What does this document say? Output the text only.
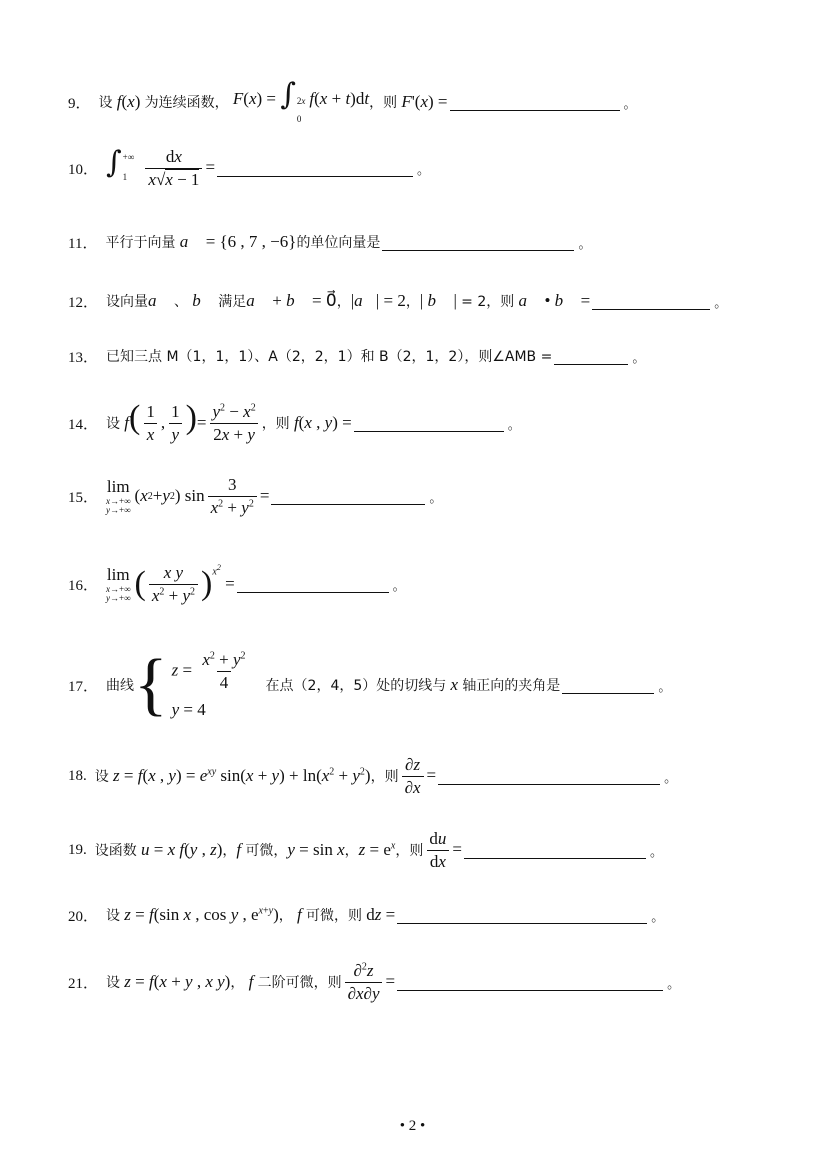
9． 设 f(x) 为连续函数， F(x) = ∫ 2x
0
f(x + t)dt ，则 F'(x) =	。
10． ∫ +∞
1
	$\frac{dx}{x√x - 1}$ =	。
11． 平行于向量 a⃗ = {6 , 7 , −6} 的单位向量是	。
12． 设向量 a⃗ 、 b⃗ 满足 a⃗ + b⃗ = 0⃗ ， |a⃗| = 2 ， | b⃗ | = 2，则 a⃗ • b⃗ =	。
13． 已知三点 M（1，1，1）、A（2，2，1）和 B（2，1，2），则∠AMB =	。
14． 设 $f( \frac{1}{x}$ , $\frac{1}{y}$ )= $\frac{y^2 - x^2}{2x + y}$ ，则 f(x , y) =	。
15．
lim
x→+∞
y→+∞
( x 2 + y 2 ) $\sin \frac{3}{x^2 + y^2}$ =	。
16．
lim
x→+∞
y→+∞ ( $\frac{\text{x y}}{x^2 + y^2}$ ) $x^2$
=	。
17． 曲线 { $z = \frac{x^2 + y^2}{4}$
y = 4
在点（2，4，5）处的切线与 x 轴正向的夹角是	。
18. 设 z = f(x , $y) = e^{xy}$ $\sin(x + y) + \ln(x^2 + y^2)$ ，则 $\frac{\partial z}{\partial x}$ =	。
19. 设函数 u = x f(y , z) ， f 可微， y = sin x ， $z = e^x$ ，则 $\frac{du}{dx}$ =	。
20． 设 z = f(sin x , cos y , $e^{x+y}$) ， f 可微，则 dz =	。
21． 设 z = f(x + y , x y) ， f 二阶可微，则 $\frac{\partial^2z}{\partial x\partial y}$ =	。
• 2 •
